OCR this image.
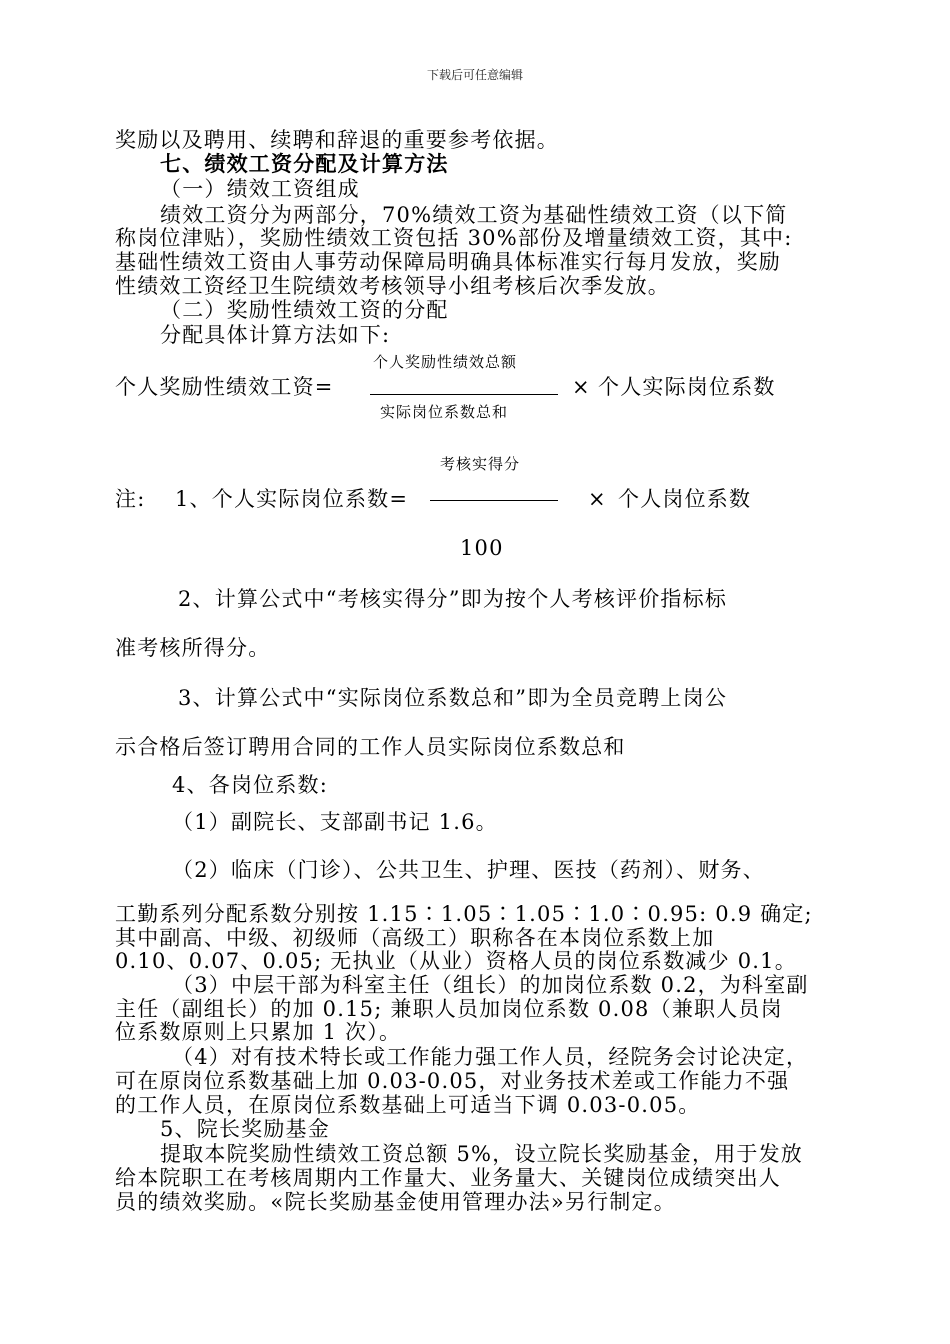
下载后可任意编辑
奖励以及聘用、续聘和辞退的重要参考依据。
七、绩效工资分配及计算方法
（一）绩效工资组成
绩效工资分为两部分，70%绩效工资为基础性绩效工资（以下简
称岗位津贴），奖励性绩效工资包括 30%部份及增量绩效工资，其中:
基础性绩效工资由人事劳动保障局明确具体标准实行每月发放，奖励
性绩效工资经卫生院绩效考核领导小组考核后次季发放。
（二）奖励性绩效工资的分配
分配具体计算方法如下:
个人奖励性绩效总额
个人奖励性绩效工资=	× 个人实际岗位系数
实际岗位系数总和
考核实得分
注: 1、个人实际岗位系数=	× 个人岗位系数
100
2、计算公式中“考核实得分”即为按个人考核评价指标标
准考核所得分。
3、计算公式中“实际岗位系数总和”即为全员竞聘上岗公
示合格后签订聘用合同的工作人员实际岗位系数总和
4、各岗位系数:
（1）副院长、支部副书记 1.6。
（2）临床（门诊）、公共卫生、护理、医技（药剂）、财务、
工勤系列分配系数分别按 1.15∶1.05∶1.05∶1.0∶0.95: 0.9 确定;
其中副高、中级、初级师（高级工）职称各在本岗位系数上加
0.10、0.07、0.05; 无执业（从业）资格人员的岗位系数减少 0.1。
（3）中层干部为科室主任（组长）的加岗位系数 0.2，为科室副
主任（副组长）的加 0.15; 兼职人员加岗位系数 0.08（兼职人员岗
位系数原则上只累加 1 次）。
（4）对有技术特长或工作能力强工作人员，经院务会讨论决定，
可在原岗位系数基础上加 0.03-0.05，对业务技术差或工作能力不强
的工作人员，在原岗位系数基础上可适当下调 0.03-0.05。
5、院长奖励基金
提取本院奖励性绩效工资总额 5%，设立院长奖励基金，用于发放
给本院职工在考核周期内工作量大、业务量大、关键岗位成绩突出人
员的绩效奖励。«院长奖励基金使用管理办法»另行制定。
